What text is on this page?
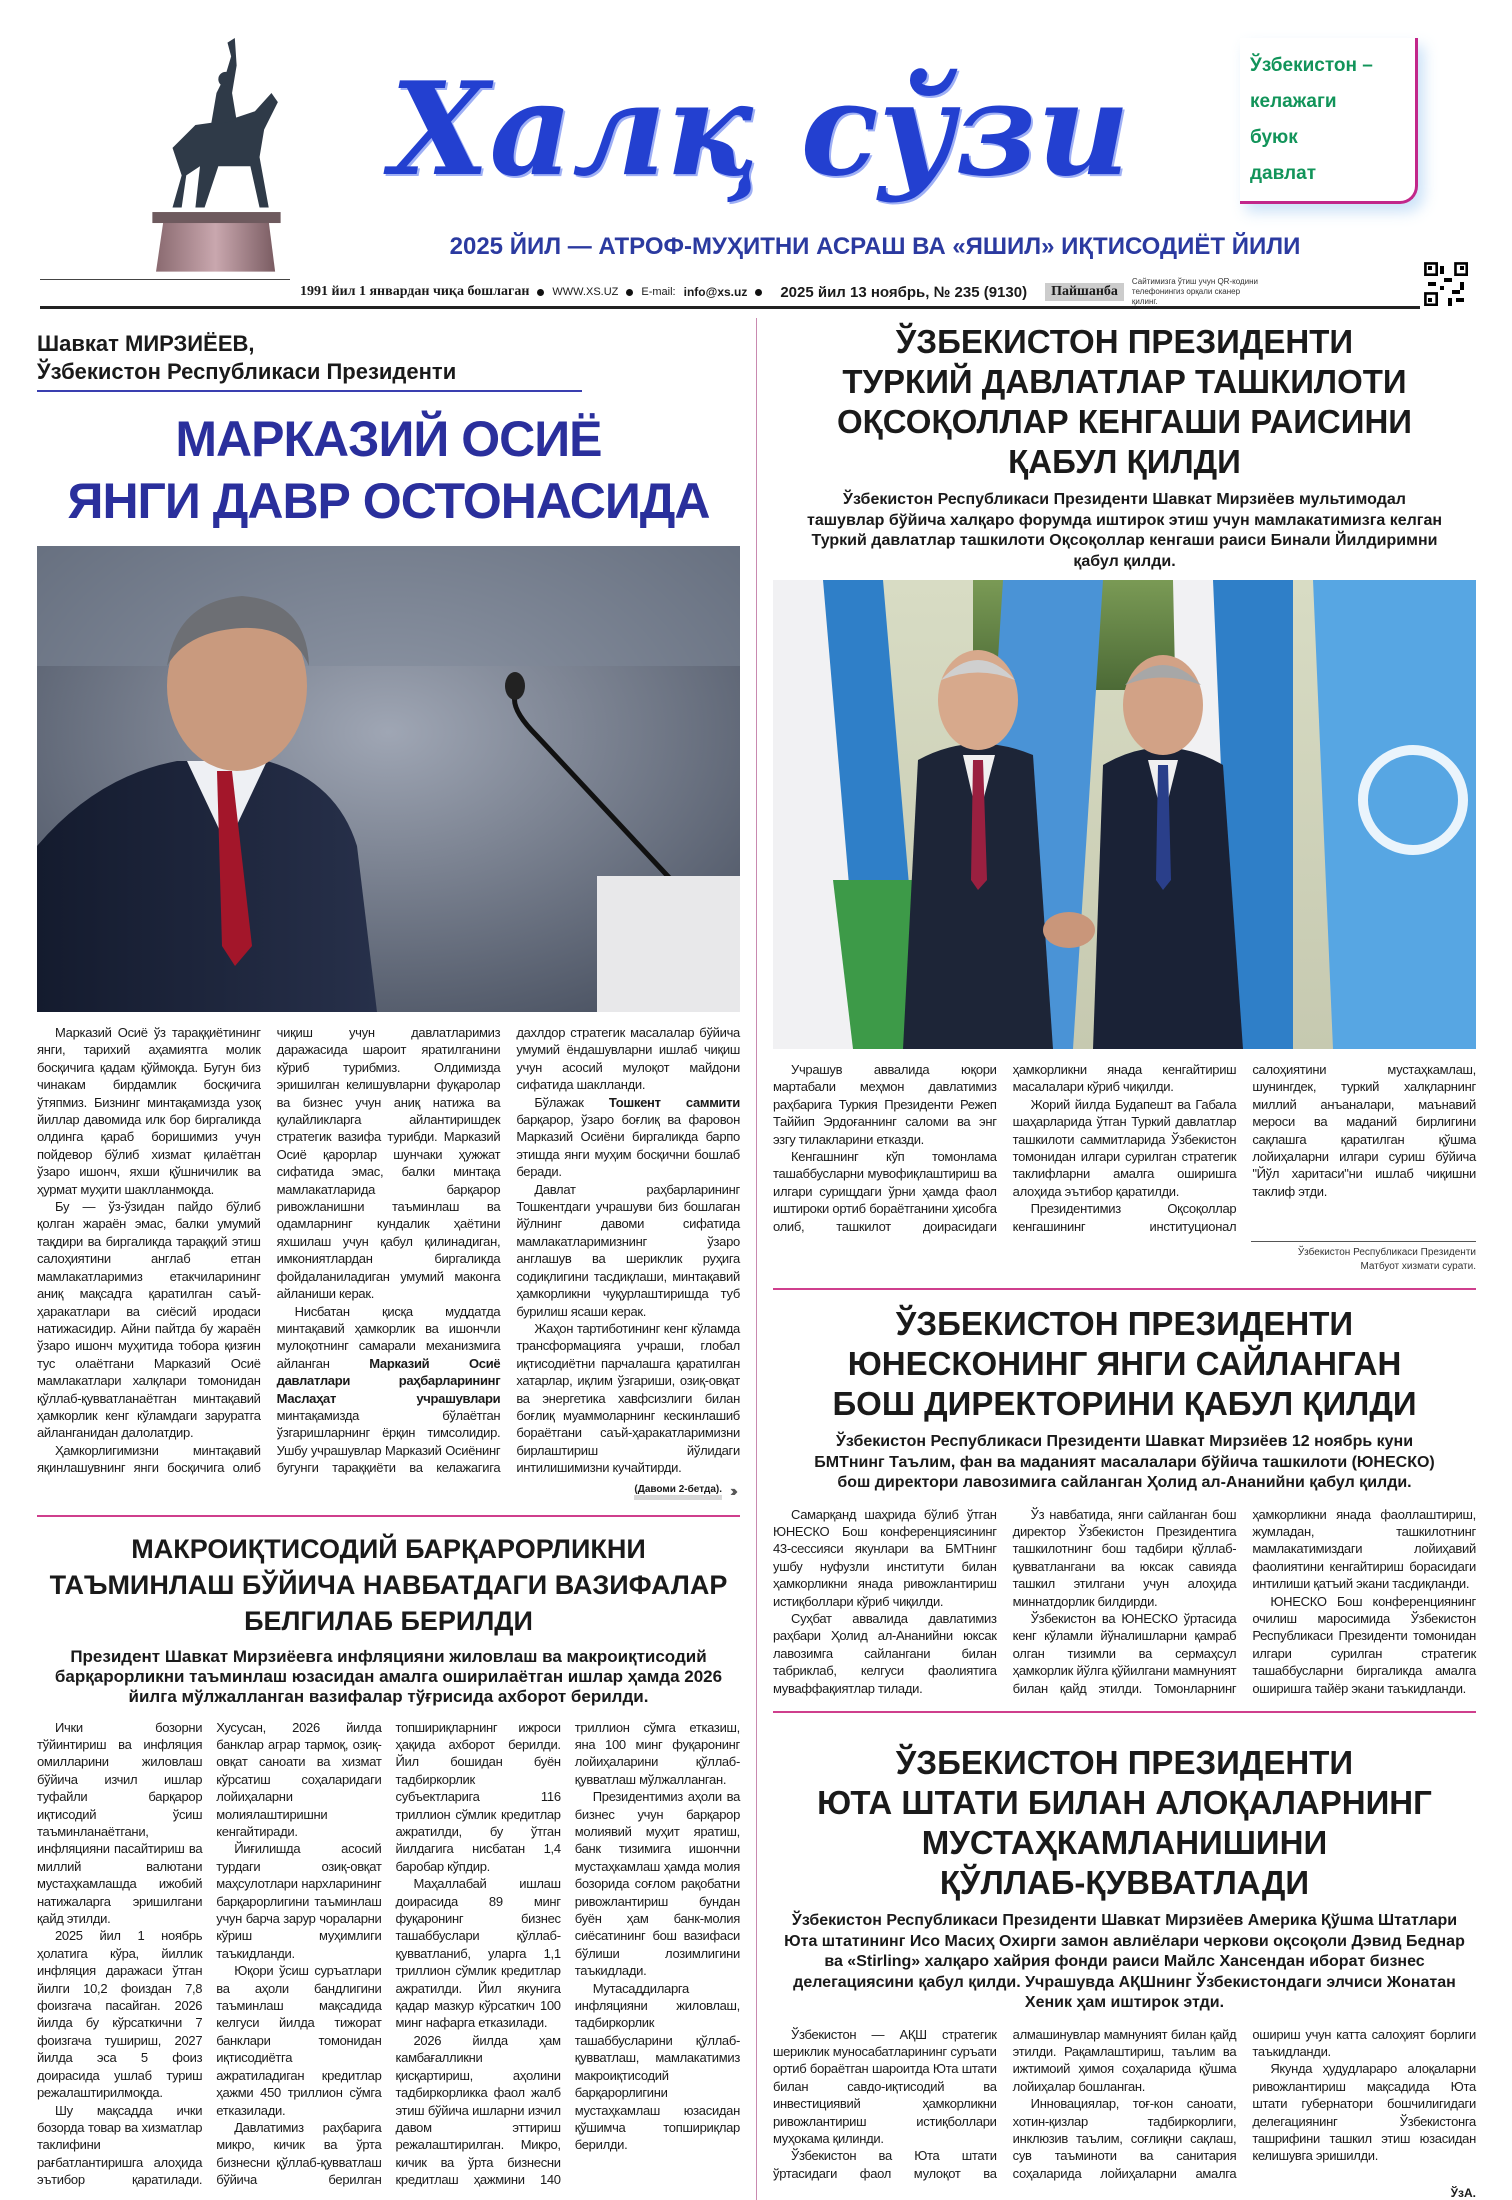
Халқ сўзи	Ўзбекистон –
келажаги
буюк
давлат
2025 ЙИЛ — АТРОФ-МУҲИТНИ АСРАШ ВА «ЯШИЛ» ИҚТИСОДИЁТ ЙИЛИ
1991 йил 1 январдан чиқа бошлаган WWW.XS.UZ E-mail: info@xs.uz 2025 йил 13 ноябрь, № 235 (9130)	Пайшанба
Сайтимизга ўтиш учун QR-кодини телефонингиз орқали сканер қилинг.
Шавкат МИРЗИЁЕВ,
Ўзбекистон Республикаси Президенти
МАРКАЗИЙ ОСИЁ
ЯНГИ ДАВР ОСТОНАСИДА

Марказий Осиё ўз тараққиётининг янги, тарихий аҳамиятга молик босқичига қадам қўймоқда. Бугун биз чинакам бирдамлик босқичига ўтяпмиз. Бизнинг минтақамизда узоқ йиллар давомида илк бор биргаликда олдинга қараб боришимиз учун пойдевор бўлиб хизмат қилаётган ўзаро ишонч, яхши қўшничилик ва ҳурмат муҳити шаклланмоқда.

Бу — ўз-ўзидан пайдо бўлиб қолган жараён эмас, балки умумий тақдири ва биргаликда тараққий этиш салоҳиятини англаб етган мамлакатларимиз етакчиларининг аниқ мақсадга қаратилган саъй-ҳаракатлари ва сиёсий иродаси натижасидир. Айни пайтда бу жараён ўзаро ишонч муҳитида тобора қизғин тус олаётгани Марказий Осиё мамлакатлари халқлари томонидан қўллаб-қувватланаётган минтақавий ҳамкорлик кенг кўламдаги заруратга айланганидан далолатдир.

Ҳамкорлигимизни минтақавий яқинлашувнинг янги босқичига олиб чиқиш учун давлатларимиз даражасида шароит яратилганини кўриб турибмиз. Олдимизда эришилган келишувларни фуқаролар ва бизнес учун аниқ натижа ва қулайликларга айлантиришдек стратегик вазифа турибди. Марказий Осиё қарорлар шунчаки ҳужжат сифатида эмас, балки минтақа мамлакатларида барқарор ривожланишни таъминлаш ва одамларнинг кундалик ҳаётини яхшилаш учун қабул қилинадиган, имкониятлардан биргаликда фойдаланиладиган умумий маконга айланиши керак.

Нисбатан қисқа муддатда минтақавий ҳамкорлик ва ишончли мулоқотнинг самарали механизмига айланган Марказий Осиё давлатлари раҳбарларининг Маслаҳат учрашувлари минтақамизда бўлаётган ўзгаришларнинг ёрқин тимсолидир. Ушбу учрашувлар Марказий Осиёнинг бугунги тараққиёти ва келажагига дахлдор стратегик масалалар бўйича умумий ёндашувларни ишлаб чиқиш учун асосий мулоқот майдони сифатида шаклланди.

Бўлажак Тошкент саммити барқарор, ўзаро боғлиқ ва фаровон Марказий Осиёни биргаликда барпо этишда янги муҳим босқични бошлаб беради.

Давлат раҳбарларининг Тошкентдаги учрашуви биз бошлаган йўлнинг давоми сифатида мамлакатларимизнинг ўзаро англашув ва шериклик руҳига содиқлигини тасдиқлаши, минтақавий ҳамкорликни чуқурлаштиришда туб бурилиш ясаши керак.

Жаҳон тартиботининг кенг кўламда трансформацияга учраши, глобал иқтисодиётни парчалашга қаратилган хатарлар, иқлим ўзгариши, озиқ-овқат ва энергетика хавфсизлиги билан боғлиқ муаммоларнинг кескинлашиб бораётгани саъй-ҳаракатларимизни бирлаштириш йўлидаги интилишимизни кучайтирди.

(Давоми 2-бетда). ›››
МАКРОИҚТИСОДИЙ БАРҚАРОРЛИКНИ
ТАЪМИНЛАШ БЎЙИЧА НАВБАТДАГИ ВАЗИФАЛАР
БЕЛГИЛАБ БЕРИЛДИ
Президент Шавкат Мирзиёевга инфляцияни жиловлаш ва макроиқтисодий барқарорликни таъминлаш юзасидан амалга оширилаётган ишлар ҳамда 2026 йилга мўлжалланган вазифалар тўғрисида ахборот берилди.

Ички бозорни тўйинтириш ва инфляция омилларини жиловлаш бўйича изчил ишлар туфайли барқарор иқтисодий ўсиш таъминланаётгани, инфляцияни пасайтириш ва миллий валютани мустаҳкамлашда ижобий натижаларга эришилгани қайд этилди.

2025 йил 1 ноябрь ҳолатига кўра, йиллик инфляция даражаси ўтган йилги 10,2 фоиздан 7,8 фоизгача пасайган. 2026 йилда бу кўрсаткични 7 фоизгача тушириш, 2027 йилда эса 5 фоиз доирасида ушлаб туриш режалаштирилмоқда.

Шу мақсадда ички бозорда товар ва хизматлар таклифини рағбатлантиришга алоҳида эътибор қаратилади. Хусусан, 2026 йилда банклар аграр тармоқ, озиқ-овқат саноати ва хизмат кўрсатиш соҳаларидаги лойиҳаларни молиялаштиришни кенгайтиради.

Йиғилишда асосий турдаги озиқ-овқат маҳсулотлари нархларининг барқарорлигини таъминлаш учун барча зарур чораларни кўриш муҳимлиги таъкидланди.

Юқори ўсиш суръатлари ва аҳоли бандлигини таъминлаш мақсадида келгуси йилда тижорат банклари томонидан иқтисодиётга ажратиладиган кредитлар ҳажми 450 триллион сўмга етказилади.

Давлатимиз раҳбарига микро, кичик ва ўрта бизнесни қўллаб-қувватлаш бўйича берилган топшириқларнинг ижроси ҳақида ахборот берилди. Йил бошидан буён тадбиркорлик субъектларига 116 триллион сўмлик кредитлар ажратилди, бу ўтган йилдагига нисбатан 1,4 баробар кўпдир.

Маҳаллабай ишлаш доирасида 89 минг фуқаронинг бизнес ташаббуслари қўллаб-қувватланиб, уларга 1,1 триллион сўмлик кредитлар ажратилди. Йил якунига қадар мазкур кўрсаткич 100 минг нафарга етказилади.

2026 йилда ҳам камбағалликни қисқартириш, аҳолини тадбиркорликка фаол жалб этиш бўйича ишларни изчил давом эттириш режалаштирилган. Микро, кичик ва ўрта бизнесни кредитлаш ҳажмини 140 триллион сўмга етказиш, яна 100 минг фуқаронинг лойиҳаларини қўллаб-қувватлаш мўлжалланган.

Президентимиз аҳоли ва бизнес учун барқарор молиявий муҳит яратиш, банк тизимига ишончни мустаҳкамлаш ҳамда молия бозорида соғлом рақобатни ривожлантириш бундан буён ҳам банк-молия сиёсатининг бош вазифаси бўлиши лозимлигини таъкидлади.

Мутасаддиларга инфляцияни жиловлаш, тадбиркорлик ташаббусларини қўллаб-қувватлаш, мамлакатимиз макроиқтисодий барқарорлигини мустаҳкамлаш юзасидан қўшимча топшириқлар берилди.

ЎЗБЕКИСТОН ПРЕЗИДЕНТИ
ТУРКИЙ ДАВЛАТЛАР ТАШКИЛОТИ
ОҚСОҚОЛЛАР КЕНГАШИ РАИСИНИ
ҚАБУЛ ҚИЛДИ
Ўзбекистон Республикаси Президенти Шавкат Мирзиёев мультимодал ташувлар бўйича халқаро форумда иштирок этиш учун мамлакатимизга келган Туркий давлатлар ташкилоти Оқсоқоллар кенгаши раиси Бинали Йилдиримни қабул қилди.

Учрашув аввалида юқори мартабали меҳмон давлатимиз раҳбарига Туркия Президенти Режеп Таййип Эрдоғаннинг саломи ва энг эзгу тилакларини етказди.

Кенгашнинг кўп томонлама ташаббусларни мувофиқлаштириш ва илгари сурищдаги ўрни ҳамда фаол иштироки ортиб бораётганини ҳисобга олиб, ташкилот доирасидаги ҳамкорликни янада кенгайтириш масалалари кўриб чиқилди.

Жорий йилда Будапешт ва Габала шаҳарларида ўтган Туркий давлатлар ташкилоти саммитларида Ўзбекистон томонидан илгари сурилган стратегик таклифларни амалга оширишга алоҳида эътибор қаратилди.

Президентимиз Оқсоқоллар кенгашининг институционал салоҳиятини мустаҳкамлаш, шунингдек, туркий халқларнинг миллий анъаналари, маънавий мероси ва маданий бирлигини сақлашга қаратилган қўшма лойиҳаларни илгари суриш бўйича "Йўл харитаси"ни ишлаб чиқишни таклиф этди.

Ўзбекистон Республикаси Президенти
Матбуот хизмати сурати.
ЎЗБЕКИСТОН ПРЕЗИДЕНТИ
ЮНЕСКОНИНГ ЯНГИ САЙЛАНГАН
БОШ ДИРЕКТОРИНИ ҚАБУЛ ҚИЛДИ
Ўзбекистон Республикаси Президенти Шавкат Мирзиёев 12 ноябрь куни БМТнинг Таълим, фан ва маданият масалалари бўйича ташкилоти (ЮНЕСКО) бош директори лавозимига сайланган Ҳолид ал-Ананийни қабул қилди.

Самарқанд шаҳрида бўлиб ўтган ЮНЕСКО Бош конференциясининг 43-сессияси якунлари ва БМТнинг ушбу нуфузли институти билан ҳамкорликни янада ривожлантириш истиқболлари кўриб чиқилди.

Суҳбат аввалида давлатимиз раҳбари Ҳолид ал-Ананийни юксак лавозимга сайлангани билан табриклаб, келгуси фаолиятига муваффақиятлар тилади.

Ўз навбатида, янги сайланган бош директор Ўзбекистон Президентига ташкилотнинг бош тадбири қўллаб-қувватлангани ва юксак савияда ташкил этилгани учун алоҳида миннатдорлик билдирди.

Ўзбекистон ва ЮНЕСКО ўртасида кенг кўламли йўналишларни қамраб олган тизимли ва сермаҳсул ҳамкорлик йўлга қўйилгани мамнуният билан қайд этилди. Томонларнинг ҳамкорликни янада фаоллаштириш, жумладан, ташкилотнинг мамлакатимиздаги лойиҳавий фаолиятини кенгайтириш борасидаги интилиши қатъий экани тасдиқланди.

ЮНЕСКО Бош конференциянинг очилиш маросимида Ўзбекистон Республикаси Президенти томонидан илгари сурилган стратегик ташаббусларни биргаликда амалга оширишга тайёр экани таъкидланди.

ЎЗБЕКИСТОН ПРЕЗИДЕНТИ
ЮТА ШТАТИ БИЛАН АЛОҚАЛАРНИНГ
МУСТАҲКАМЛАНИШИНИ
ҚЎЛЛАБ-ҚУВВАТЛАДИ
Ўзбекистон Республикаси Президенти Шавкат Мирзиёев Америка Қўшма Штатлари Юта штатининг Исо Масиҳ Охирги замон авлиёлари черкови оқсоқоли Дэвид Беднар ва «Stirling» халқаро хайрия фонди раиси Майлс Хансендан иборат бизнес делегациясини қабул қилди. Учрашувда АҚШнинг Ўзбекистондаги элчиси Жонатан Хеник ҳам иштирок этди.

Ўзбекистон — АҚШ стратегик шериклик муносабатларининг суръати ортиб бораётган шароитда Юта штати билан савдо-иқтисодий ва инвестициявий ҳамкорликни ривожлантириш истиқболлари муҳокама қилинди.

Ўзбекистон ва Юта штати ўртасидаги фаол мулоқот ва алмашинувлар мамнуният билан қайд этилди. Рақамлаштириш, таълим ва ижтимоий ҳимоя соҳаларида қўшма лойиҳалар бошланган.

Инновациялар, тоғ-кон саноати, хотин-қизлар тадбиркорлиги, инклюзив таълим, соғлиқни сақлаш, сув таъминоти ва санитария соҳаларида лойиҳаларни амалга ошириш учун катта салоҳият борлиги таъкидланди.

Якунда ҳудудлараро алоқаларни ривожлантириш мақсадида Юта штати губернатори бошчилигидаги делегациянинг Ўзбекистонга ташрифини ташкил этиш юзасидан келишувга эришилди.

ЎзА.
